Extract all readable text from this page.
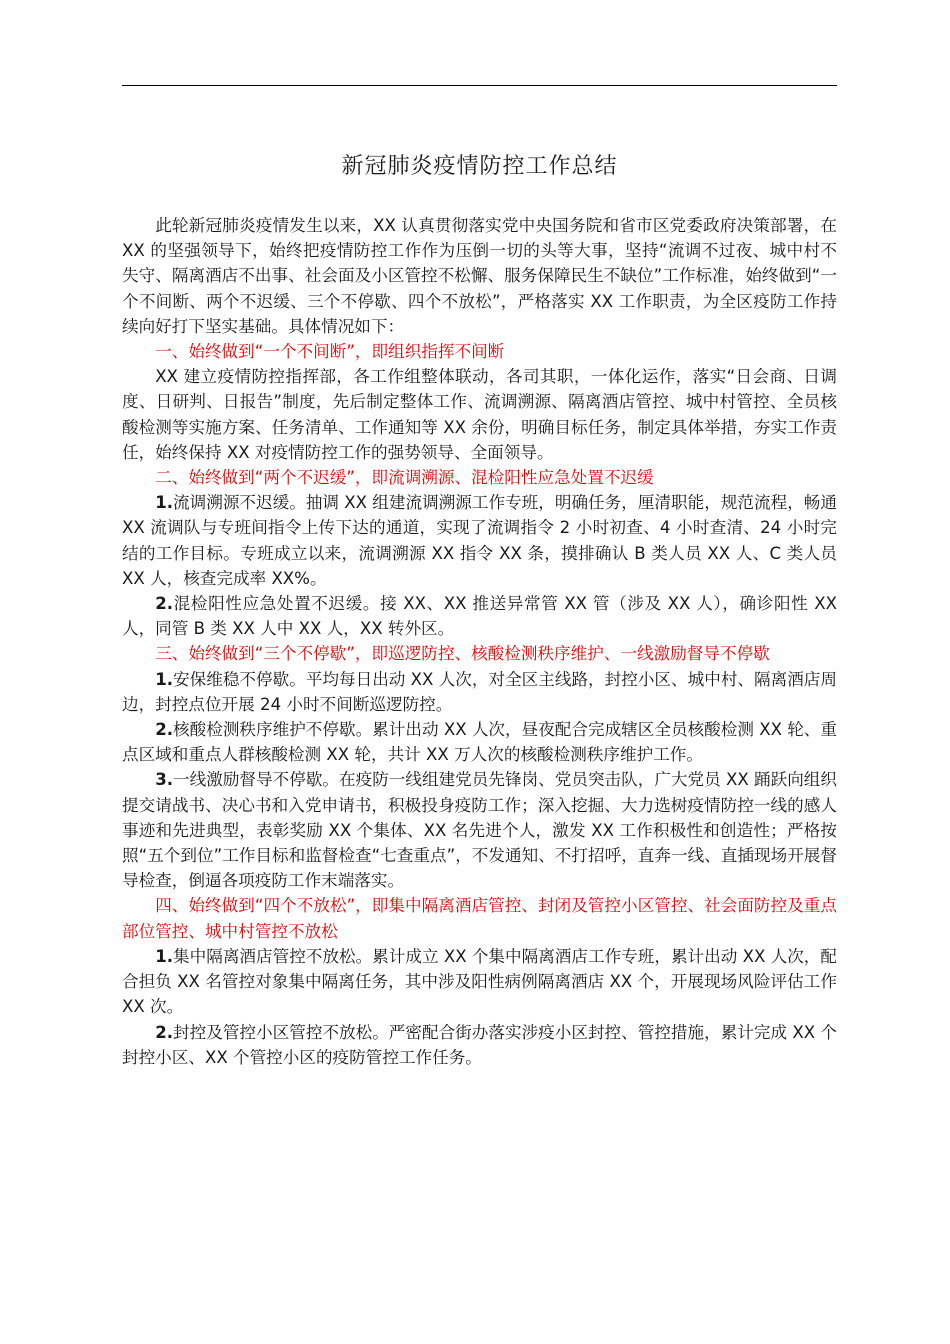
新冠肺炎疫情防控工作总结

此轮新冠肺炎疫情发生以来，XX 认真贯彻落实党中央国务院和省市区党委政府决策部署，在 XX 的坚强领导下，始终把疫情防控工作作为压倒一切的头等大事，坚持“流调不过夜、城中村不失守、隔离酒店不出事、社会面及小区管控不松懈、服务保障民生不缺位”工作标准，始终做到“一个不间断、两个不迟缓、三个不停歇、四个不放松”，严格落实 XX 工作职责，为全区疫防工作持续向好打下坚实基础。具体情况如下：

一、始终做到“一个不间断”，即组织指挥不间断

XX 建立疫情防控指挥部，各工作组整体联动，各司其职，一体化运作，落实“日会商、日调度、日研判、日报告”制度，先后制定整体工作、流调溯源、隔离酒店管控、城中村管控、全员核酸检测等实施方案、任务清单、工作通知等 XX 余份，明确目标任务，制定具体举措，夯实工作责任，始终保持 XX 对疫情防控工作的强势领导、全面领导。

二、始终做到“两个不迟缓”，即流调溯源、混检阳性应急处置不迟缓

1.流调溯源不迟缓。抽调 XX 组建流调溯源工作专班，明确任务，厘清职能，规范流程，畅通 XX 流调队与专班间指令上传下达的通道，实现了流调指令 2 小时初查、4 小时查清、24 小时完结的工作目标。专班成立以来，流调溯源 XX 指令 XX 条，摸排确认 B 类人员 XX 人、C 类人员 XX 人，核查完成率 XX%。

2.混检阳性应急处置不迟缓。接 XX、XX 推送异常管 XX 管（涉及 XX 人），确诊阳性 XX 人，同管 B 类 XX 人中 XX 人，XX 转外区。

三、始终做到“三个不停歇”，即巡逻防控、核酸检测秩序维护、一线激励督导不停歇

1.安保维稳不停歇。平均每日出动 XX 人次，对全区主线路，封控小区、城中村、隔离酒店周边，封控点位开展 24 小时不间断巡逻防控。

2.核酸检测秩序维护不停歇。累计出动 XX 人次，昼夜配合完成辖区全员核酸检测 XX 轮、重点区域和重点人群核酸检测 XX 轮，共计 XX 万人次的核酸检测秩序维护工作。

3.一线激励督导不停歇。在疫防一线组建党员先锋岗、党员突击队，广大党员 XX 踊跃向组织提交请战书、决心书和入党申请书，积极投身疫防工作；深入挖掘、大力选树疫情防控一线的感人事迹和先进典型，表彰奖励 XX 个集体、XX 名先进个人，激发 XX 工作积极性和创造性；严格按照“五个到位”工作目标和监督检查“七查重点”，不发通知、不打招呼，直奔一线、直插现场开展督导检查，倒逼各项疫防工作末端落实。

四、始终做到“四个不放松”，即集中隔离酒店管控、封闭及管控小区管控、社会面防控及重点部位管控、城中村管控不放松

1.集中隔离酒店管控不放松。累计成立 XX 个集中隔离酒店工作专班，累计出动 XX 人次，配合担负 XX 名管控对象集中隔离任务，其中涉及阳性病例隔离酒店 XX 个，开展现场风险评估工作 XX 次。

2.封控及管控小区管控不放松。严密配合街办落实涉疫小区封控、管控措施，累计完成 XX 个封控小区、XX 个管控小区的疫防管控工作任务。
